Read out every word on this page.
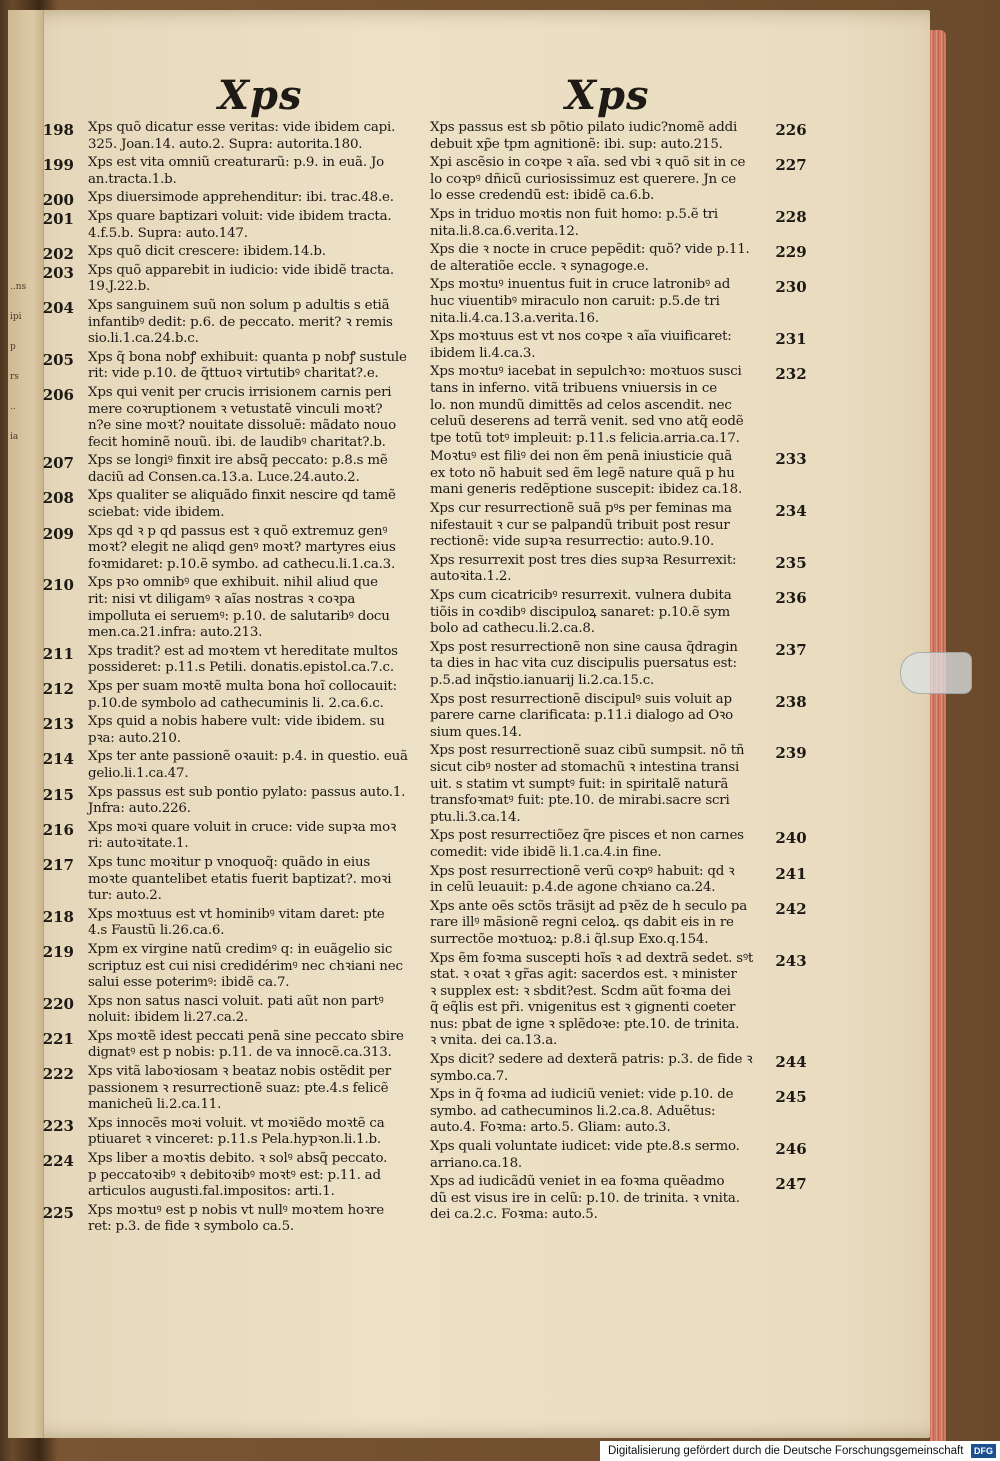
..ns

ipi

p

rs

..

ia
Xps	Xps
198 Xps quõ dicatur esse veritas: vide ibidem capi.
325. Joan.14. auto.2. Supra: autorita.180.
199 Xps est vita omniũ creaturarũ: p.9. in euã. Jo
an.tracta.1.b.
200 Xps diuersimode apprehenditur: ibi. trac.48.e.
201 Xps quare baptizari voluit: vide ibidem tracta.
4.f.5.b. Supra: auto.147.
202 Xps quõ dicit crescere: ibidem.14.b.
203 Xps quõ apparebit in iudicio: vide ibidẽ tracta.
19.J.22.b.
204 Xps sanguinem suũ non solum p adultis s etiã
infantibꝰ dedit: p.6. de peccato. merit? ꝛ remis
sio.li.1.ca.24.b.c.
205 Xps q̃ bona nobꝭ exhibuit: quanta p nobꝭ sustule
rit: vide p.10. de q̃ttuoꝛ virtutibꝰ charitat?.e.
206 Xps qui venit per crucis irrisionem carnis peri
mere coꝛruptionem ꝛ vetustatẽ vinculi moꝛt?
n?e sine moꝛt? nouitate dissoluẽ: mãdato nouo
fecit hominẽ nouũ. ibi. de laudibꝰ charitat?.b.
207 Xps se longiꝰ finxit ire absq̃ peccato: p.8.s mẽ
daciũ ad Consen.ca.13.a. Luce.24.auto.2.
208 Xps qualiter se aliquãdo finxit nescire qd tamẽ
sciebat: vide ibidem.
209 Xps qd ꝛ p qd passus est ꝛ quõ extremuz genꝰ
moꝛt? elegit ne aliqd genꝰ moꝛt? martyres eius
foꝛmidaret: p.10.ẽ symbo. ad cathecu.li.1.ca.3.
210 Xps pꝛo omnibꝰ que exhibuit. nihil aliud que
rit: nisi vt diligamꝰ ꝛ aĩas nostras ꝛ coꝛpa
impolluta ei seruemꝰ: p.10. de salutaribꝰ docu
men.ca.21.infra: auto.213.
211 Xps tradit? est ad moꝛtem vt hereditate multos
possideret: p.11.s Petili. donatis.epistol.ca.7.c.
212 Xps per suam moꝛtẽ multa bona hoĩ collocauit:
p.10.de symbolo ad cathecuminis li. 2.ca.6.c.
213 Xps quid a nobis habere vult: vide ibidem. su
pꝛa: auto.210.
214 Xps ter ante passionẽ oꝛauit: p.4. in questio. euã
gelio.li.1.ca.47.
215 Xps passus est sub pontio pylato: passus auto.1.
Jnfra: auto.226.
216 Xps moꝛi quare voluit in cruce: vide supꝛa moꝛ
ri: autoꝛitate.1.
217 Xps tunc moꝛitur p vnoquoq̃: quãdo in eius
moꝛte quantelibet etatis fuerit baptizat?. moꝛi
tur: auto.2.
218 Xps moꝛtuus est vt hominibꝰ vitam daret: pte
4.s Faustũ li.26.ca.6.
219 Xpm ex virgine natũ credimꝰ q: in euãgelio sic
scriptuz est cui nisi credidérimꝰ nec chꝛiani nec
salui esse poterimꝰ: ibidẽ ca.7.
220 Xps non satus nasci voluit. pati aũt non partꝰ
noluit: ibidem li.27.ca.2.
221 Xps moꝛtẽ idest peccati penã sine peccato sbire
dignatꝰ est p nobis: p.11. de va innocẽ.ca.313.
222 Xps vitã laboꝛiosam ꝛ beataz nobis ostẽdit per
passionem ꝛ resurrectionẽ suaz: pte.4.s felicẽ
manicheũ li.2.ca.11.
223 Xps innocẽs moꝛi voluit. vt moꝛiẽdo moꝛtẽ ca
ptiuaret ꝛ vinceret: p.11.s Pela.hypꝛon.li.1.b.
224 Xps liber a moꝛtis debito. ꝛ solꝰ absq̃ peccato.
p peccatoꝛibꝰ ꝛ debitoꝛibꝰ moꝛtꝰ est: p.11. ad
articulos augusti.fal.impositos: arti.1.
225 Xps moꝛtuꝰ est p nobis vt nullꝰ moꝛtem hoꝛre
ret: p.3. de fide ꝛ symbolo ca.5.
226
Xps passus est sb põtio pilato iudic?nomẽ addi
debuit xp̃e tpm agnitionẽ: ibi. sup: auto.215.
227
Xpi ascẽsio in coꝛpe ꝛ aĩa. sed vbi ꝛ quõ sit in ce
lo coꝛpꝰ dñicũ curiosissimuz est querere. Jn ce
lo esse credendũ est: ibidẽ ca.6.b.
228
Xps in triduo moꝛtis non fuit homo: p.5.ẽ tri
nita.li.8.ca.6.verita.12.
229
Xps die ꝛ nocte in cruce pepẽdit: quõ? vide p.11.
de alteratiõe eccle. ꝛ synagoge.e.
230
Xps moꝛtuꝰ inuentus fuit in cruce latronibꝰ ad
huc viuentibꝰ miraculo non caruit: p.5.de tri
nita.li.4.ca.13.a.verita.16.
231
Xps moꝛtuus est vt nos coꝛpe ꝛ aĩa viuificaret:
ibidem li.4.ca.3.
232
Xps moꝛtuꝰ iacebat in sepulchꝛo: moꝛtuos susci
tans in inferno. vitã tribuens vniuersis in ce
lo. non mundũ dimittẽs ad celos ascendit. nec
celuũ deserens ad terrã venit. sed vno atq̃ eodẽ
tpe totũ totꝰ impleuit: p.11.s felicia.arria.ca.17.
233
Moꝛtuꝰ est filiꝰ dei non ẽm penã iniusticie quã
ex toto nõ habuit sed ẽm legẽ nature quã p hu
mani generis redẽptione suscepit: ibidez ca.18.
234
Xps cur resurrectionẽ suã pꝰs per feminas ma
nifestauit ꝛ cur se palpandũ tribuit post resur
rectionẽ: vide supꝛa resurrectio: auto.9.10.
235
Xps resurrexit post tres dies supꝛa Resurrexit:
autoꝛita.1.2.
236
Xps cum cicatricibꝰ resurrexit. vulnera dubita
tiõis in coꝛdibꝰ discipuloꝝ sanaret: p.10.ẽ sym
bolo ad cathecu.li.2.ca.8.
237
Xps post resurrectionẽ non sine causa q̃dragin
ta dies in hac vita cuz discipulis puersatus est:
p.5.ad inq̃stio.ianuarij li.2.ca.15.c.
238
Xps post resurrectionẽ discipulꝰ suis voluit ap
parere carne clarificata: p.11.i dialogo ad Oꝛo
sium ques.14.
239
Xps post resurrectionẽ suaz cibũ sumpsit. nõ tñ
sicut cibꝰ noster ad stomachũ ꝛ intestina transi
uit. s statim vt sumptꝰ fuit: in spiritalẽ naturã
transfoꝛmatꝰ fuit: pte.10. de mirabi.sacre scri
ptu.li.3.ca.14.
240
Xps post resurrectiõez q̃re pisces et non carnes
comedit: vide ibidẽ li.1.ca.4.in fine.
241
Xps post resurrectionẽ verũ coꝛpꝰ habuit: qd ꝛ
in celũ leuauit: p.4.de agone chꝛiano ca.24.
242
Xps ante oẽs sctõs trãsijt ad pꝛẽz de h seculo pa
rare illꝰ mãsionẽ regni celoꝝ. qs dabit eis in re
surrectõe moꝛtuoꝝ: p.8.i q̃l.sup Exo.q.154.
243
Xps ẽm foꝛma suscepti hoĩs ꝛ ad dextrã sedet. sꝰt
stat. ꝛ oꝛat ꝛ gr̃as agit: sacerdos est. ꝛ minister
ꝛ supplex est: ꝛ sbdit?est. Scdm aũt foꝛma dei
q̃ eq̃lis est pr̃i. vnigenitus est ꝛ gignenti coeter
nus: pbat de igne ꝛ splẽdoꝛe: pte.10. de trinita.
ꝛ vnita. dei ca.13.a.
244
Xps dicit? sedere ad dexterã patris: p.3. de fide ꝛ
symbo.ca.7.
245
Xps in q̃ foꝛma ad iudiciũ veniet: vide p.10. de
symbo. ad cathecuminos li.2.ca.8. Aduẽtus:
auto.4. Foꝛma: arto.5. Gliam: auto.3.
246
Xps quali voluntate iudicet: vide pte.8.s sermo.
arriano.ca.18.
247
Xps ad iudicãdũ veniet in ea foꝛma quẽadmo
dũ est visus ire in celũ: p.10. de trinita. ꝛ vnita.
dei ca.2.c. Foꝛma: auto.5.
Digitalisierung gefördert durch die Deutsche Forschungsgemeinschaft	DFG
